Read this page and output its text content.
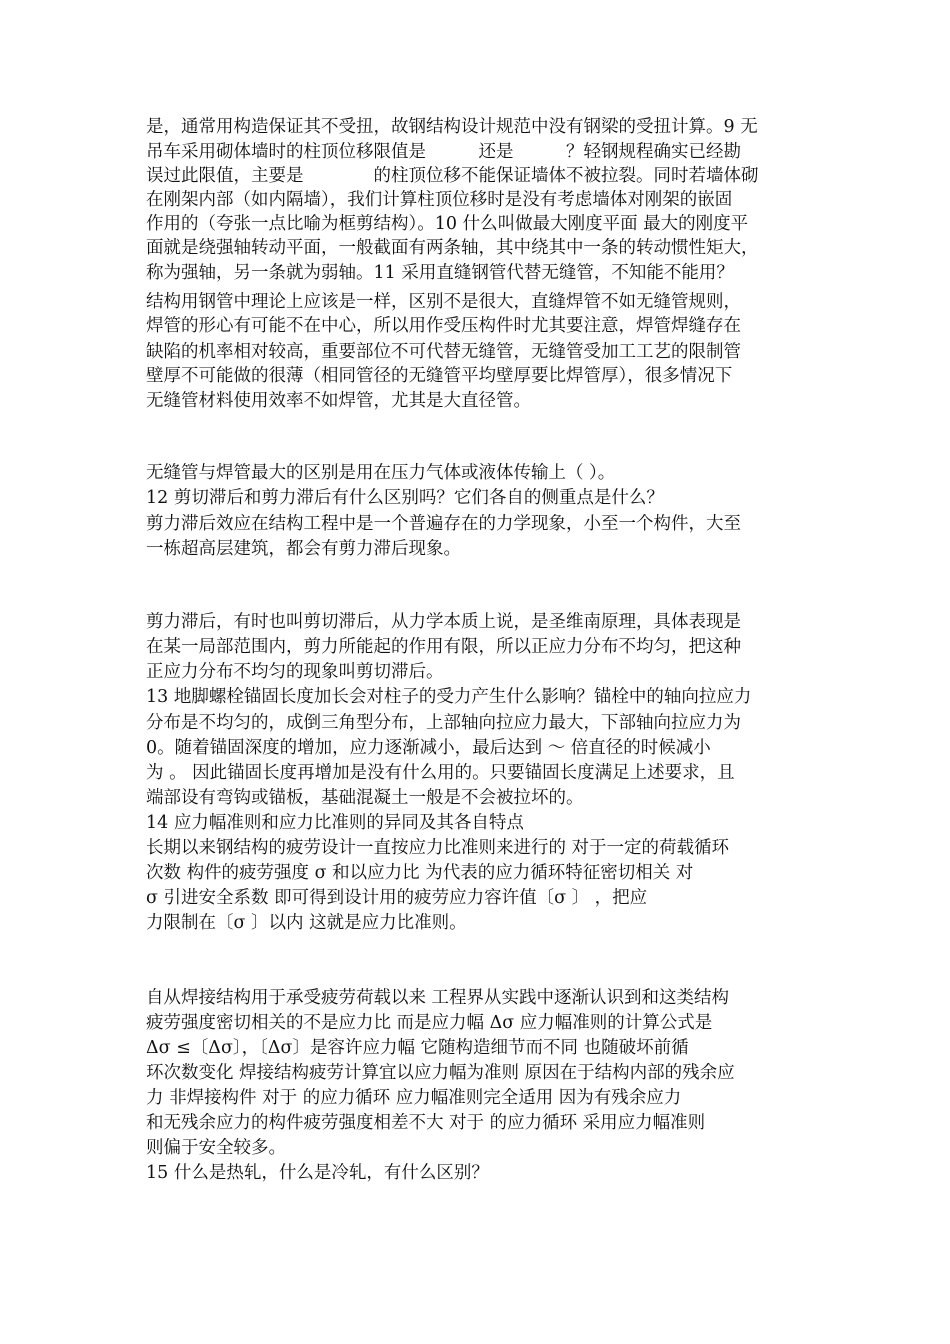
是，通常用构造保证其不受扭，故钢结构设计规范中没有钢梁的受扭计算。9 无
吊车采用砌体墙时的柱顶位移限值是　　　还是　　　？轻钢规程确实已经勘
误过此限值，主要是　　　　的柱顶位移不能保证墙体不被拉裂。同时若墙体砌
在刚架内部（如内隔墙），我们计算柱顶位移时是没有考虑墙体对刚架的嵌固
作用的（夸张一点比喻为框剪结构）。10 什么叫做最大刚度平面 最大的刚度平
面就是绕强轴转动平面，一般截面有两条轴，其中绕其中一条的转动惯性矩大，
称为强轴，另一条就为弱轴。11 采用直缝钢管代替无缝管，不知能不能用？
结构用钢管中理论上应该是一样，区别不是很大，直缝焊管不如无缝管规则，
焊管的形心有可能不在中心，所以用作受压构件时尤其要注意，焊管焊缝存在
缺陷的机率相对较高，重要部位不可代替无缝管，无缝管受加工工艺的限制管
壁厚不可能做的很薄（相同管径的无缝管平均壁厚要比焊管厚），很多情况下
无缝管材料使用效率不如焊管，尤其是大直径管。
无缝管与焊管最大的区别是用在压力气体或液体传输上（ ）。
12 剪切滞后和剪力滞后有什么区别吗？它们各自的侧重点是什么？
剪力滞后效应在结构工程中是一个普遍存在的力学现象，小至一个构件，大至
一栋超高层建筑，都会有剪力滞后现象。
剪力滞后，有时也叫剪切滞后，从力学本质上说，是圣维南原理，具体表现是
在某一局部范围内，剪力所能起的作用有限，所以正应力分布不均匀，把这种
正应力分布不均匀的现象叫剪切滞后。
13 地脚螺栓锚固长度加长会对柱子的受力产生什么影响？锚栓中的轴向拉应力
分布是不均匀的，成倒三角型分布，上部轴向拉应力最大，下部轴向拉应力为
0。随着锚固深度的增加，应力逐渐减小，最后达到 ～ 倍直径的时候减小
为 。 因此锚固长度再增加是没有什么用的。只要锚固长度满足上述要求，且
端部设有弯钩或锚板，基础混凝土一般是不会被拉坏的。
14 应力幅准则和应力比准则的异同及其各自特点
长期以来钢结构的疲劳设计一直按应力比准则来进行的 对于一定的荷载循环
次数 构件的疲劳强度 σ 和以应力比 为代表的应力循环特征密切相关 对
σ 引进安全系数 即可得到设计用的疲劳应力容许值〔σ 〕 ，把应
力限制在〔σ 〕以内 这就是应力比准则。
自从焊接结构用于承受疲劳荷载以来 工程界从实践中逐渐认识到和这类结构
疲劳强度密切相关的不是应力比 而是应力幅 Δσ 应力幅准则的计算公式是
Δσ ≤〔Δσ〕，〔Δσ〕是容许应力幅 它随构造细节而不同 也随破坏前循
环次数变化 焊接结构疲劳计算宜以应力幅为准则 原因在于结构内部的残余应
力 非焊接构件 对于 的应力循环 应力幅准则完全适用 因为有残余应力
和无残余应力的构件疲劳强度相差不大 对于 的应力循环 采用应力幅准则
则偏于安全较多。
15 什么是热轧，什么是冷轧，有什么区别？
